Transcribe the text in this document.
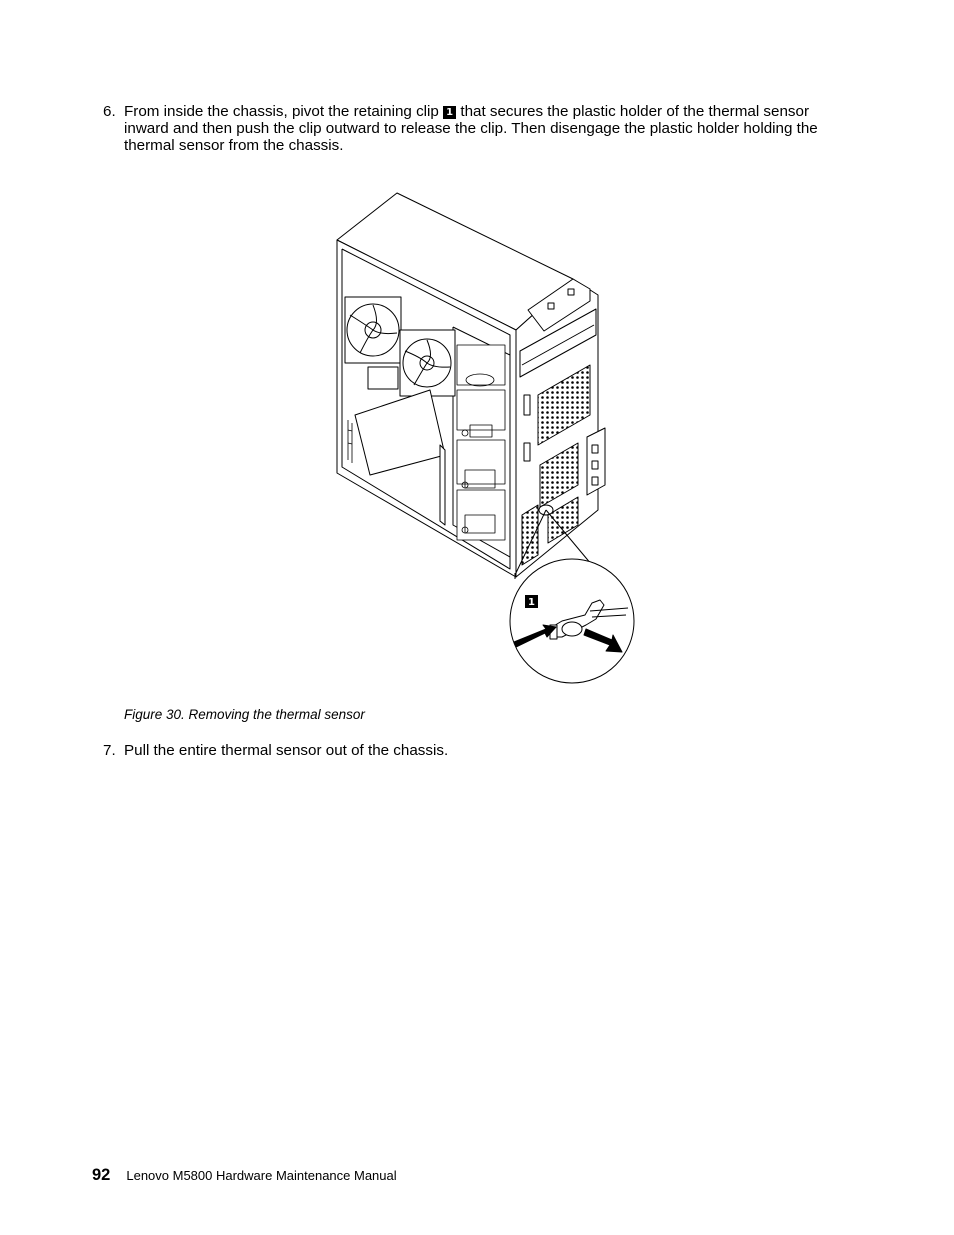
6. From inside the chassis, pivot the retaining clip 1 that secures the plastic holder of the thermal sensor inward and then push the clip outward to release the clip. Then disengage the plastic holder holding the thermal sensor from the chassis.
1
Figure 30. Removing the thermal sensor
7. Pull the entire thermal sensor out of the chassis.
92 Lenovo M5800 Hardware Maintenance Manual
